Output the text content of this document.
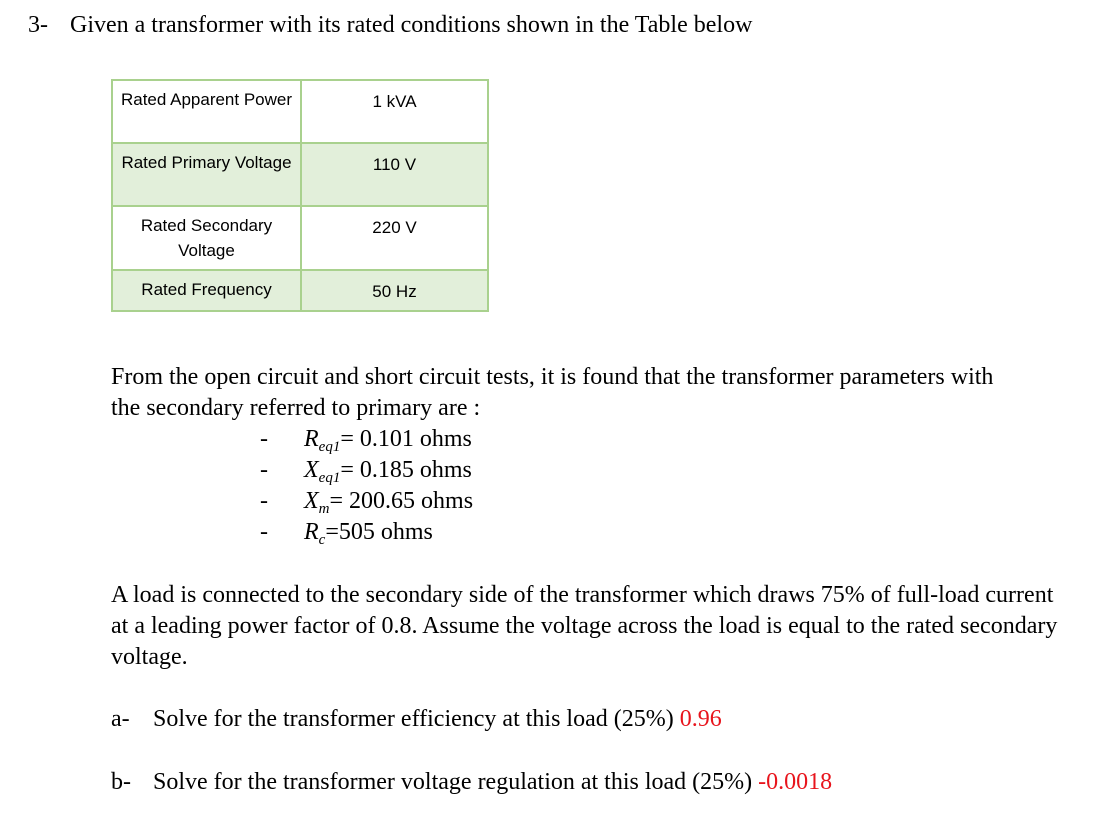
3- Given a transformer with its rated conditions shown in the Table below
Rated Apparent Power	1 kVA
Rated Primary Voltage	110 V
Rated Secondary Voltage	220 V
Rated Frequency	50 Hz

From the open circuit and short circuit tests, it is found that the transformer parameters with the secondary referred to primary are :

- $R_{eq1}= 0.101$ ohms
- $X_{eq1}= 0.185$ ohms
- $X_m= 200.65$ ohms
- $R_c=505$ ohms

A load is connected to the secondary side of the transformer which draws 75% of full-load current at a leading power factor of 0.8. Assume the voltage across the load is equal to the rated secondary voltage.

a- Solve for the transformer efficiency at this load (25%) 0.96
b- Solve for the transformer voltage regulation at this load (25%) -0.0018
